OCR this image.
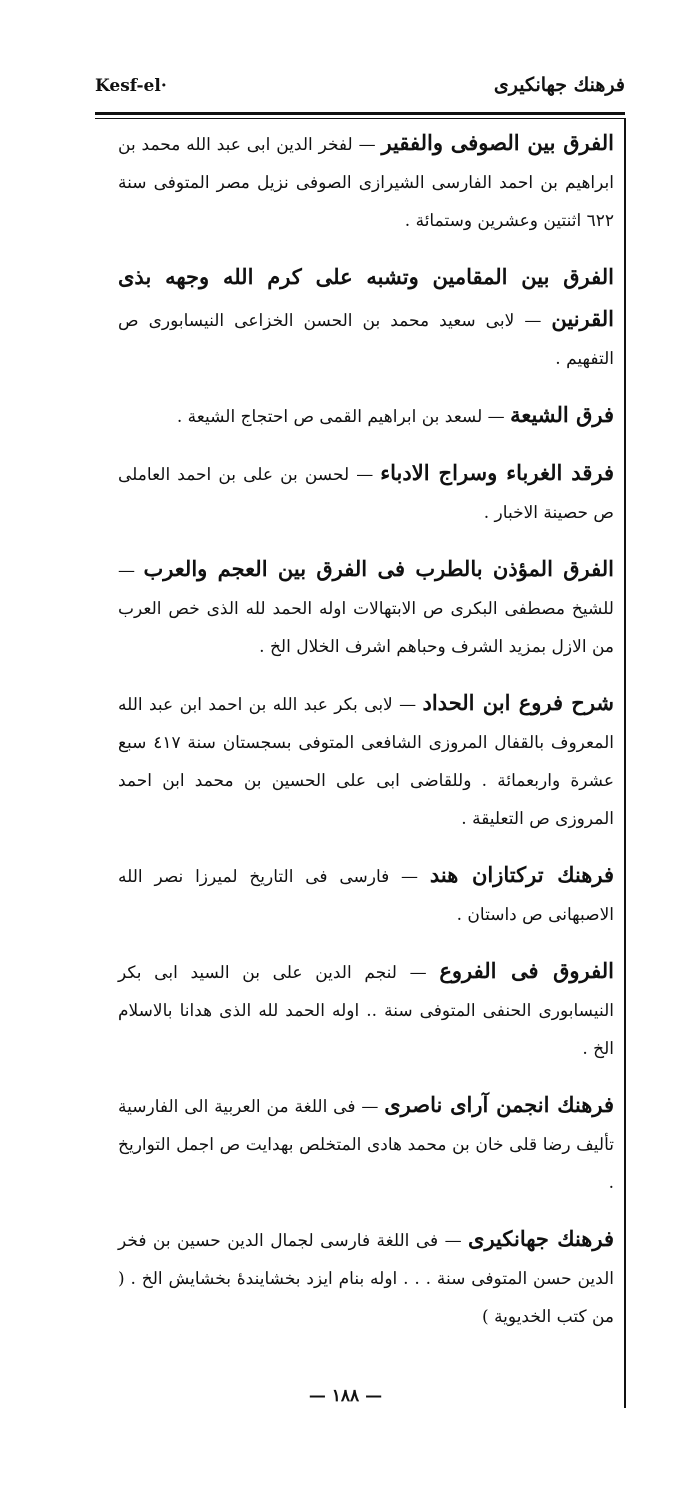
Kesf-el·	فرهنك جهانكيرى
الفرق بين الصوفى والفقير — لفخر الدين ابى عبد الله محمد بن ابراهيم بن احمد الفارسى الشيرازى الصوفى نزيل مصر المتوفى سنة ٦٢٢ اثنتين وعشرين وستمائة .
الفرق بين المقامين وتشبه على كرم الله وجهه بذى القرنين — لابى سعيد محمد بن الحسن الخزاعى النيسابورى ص التفهيم .
فرق الشيعة — لسعد بن ابراهيم القمى ص احتجاج الشيعة .
فرقد الغرباء وسراج الادباء — لحسن بن على بن احمد العاملى ص حصينة الاخبار .
الفرق المؤذن بالطرب فى الفرق بين العجم والعرب — للشيخ مصطفى البكرى ص الابتهالات اوله الحمد لله الذى خص العرب من الازل بمزيد الشرف وحباهم اشرف الخلال الخ .
شرح فروع ابن الحداد — لابى بكر عبد الله بن احمد ابن عبد الله المعروف بالقفال المروزى الشافعى المتوفى بسجستان سنة ٤١٧ سبع عشرة واربعمائة . وللقاضى ابى على الحسين بن محمد ابن احمد المروزى ص التعليقة .
فرهنك تركتازان هند — فارسى فى التاريخ لميرزا نصر الله الاصبهانى ص داستان .
الفروق فى الفروع — لنجم الدين على بن السيد ابى بكر النيسابورى الحنفى المتوفى سنة .. اوله الحمد لله الذى هدانا بالاسلام الخ .
فرهنك انجمن آراى ناصرى — فى اللغة من العربية الى الفارسية تأليف رضا قلى خان بن محمد هادى المتخلص بهدايت ص اجمل التواريخ .
فرهنك جهانكيرى — فى اللغة فارسى لجمال الدين حسين بن فخر الدين حسن المتوفى سنة . . . اوله بنام ايزد بخشايندهٔ بخشايش الخ . ( من كتب الخديوية )
— ١٨٨ —
